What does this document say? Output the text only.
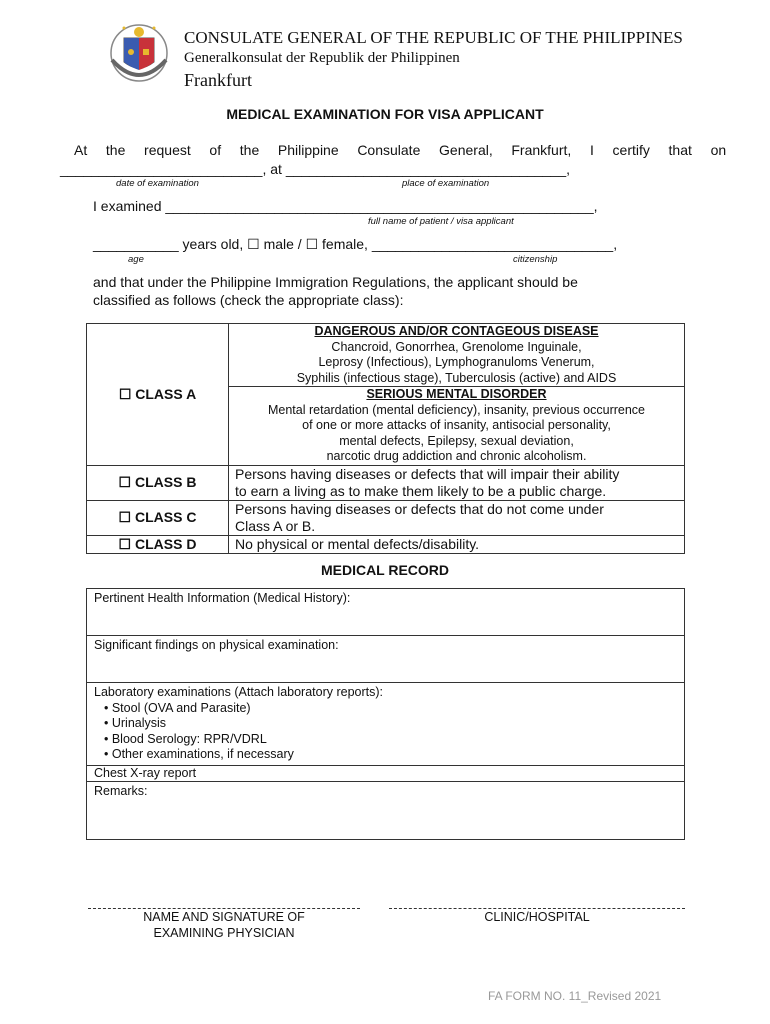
CONSULATE GENERAL OF THE REPUBLIC OF THE PHILIPPINES
Generalkonsulat der Republik der Philippinen
Frankfurt
MEDICAL EXAMINATION FOR VISA APPLICANT
At the request of the Philippine Consulate General, Frankfurt, I certify that on
__________________________, at ____________________________________,
date of examination	place of examination
I examined _______________________________________________________,
full name of patient / visa applicant
___________ years old, ☐ male / ☐ female, _______________________________,
age	citizenship
and that under the Philippine Immigration Regulations, the applicant should be
classified as follows (check the appropriate class):
☐ CLASS A	DANGEROUS AND/OR CONTAGEOUS DISEASE
Chancroid, Gonorrhea, Grenolome Inguinale,
Leprosy (Infectious), Lymphogranuloms Venerum,
Syphilis (infectious stage), Tuberculosis (active) and AIDS

	SERIOUS MENTAL DISORDER
Mental retardation (mental deficiency), insanity, previous occurrence
of one or more attacks of insanity, antisocial personality,
mental defects, Epilepsy, sexual deviation,
narcotic drug addiction and chronic alcoholism.

☐ CLASS B	Persons having diseases or defects that will impair their ability
to earn a living as to make them likely to be a public charge.

☐ CLASS C	Persons having diseases or defects that do not come under
Class A or B.

☐ CLASS D	No physical or mental defects/disability.
MEDICAL RECORD
Pertinent Health Information (Medical History):
Significant findings on physical examination:

Laboratory examinations (Attach laboratory reports):
• Stool (OVA and Parasite)
• Urinalysis
• Blood Serology: RPR/VDRL
• Other examinations, if necessary

Chest X-ray report
Remarks:
NAME AND SIGNATURE OF
EXAMINING PHYSICIAN
CLINIC/HOSPITAL
FA FORM NO. 11_Revised 2021
